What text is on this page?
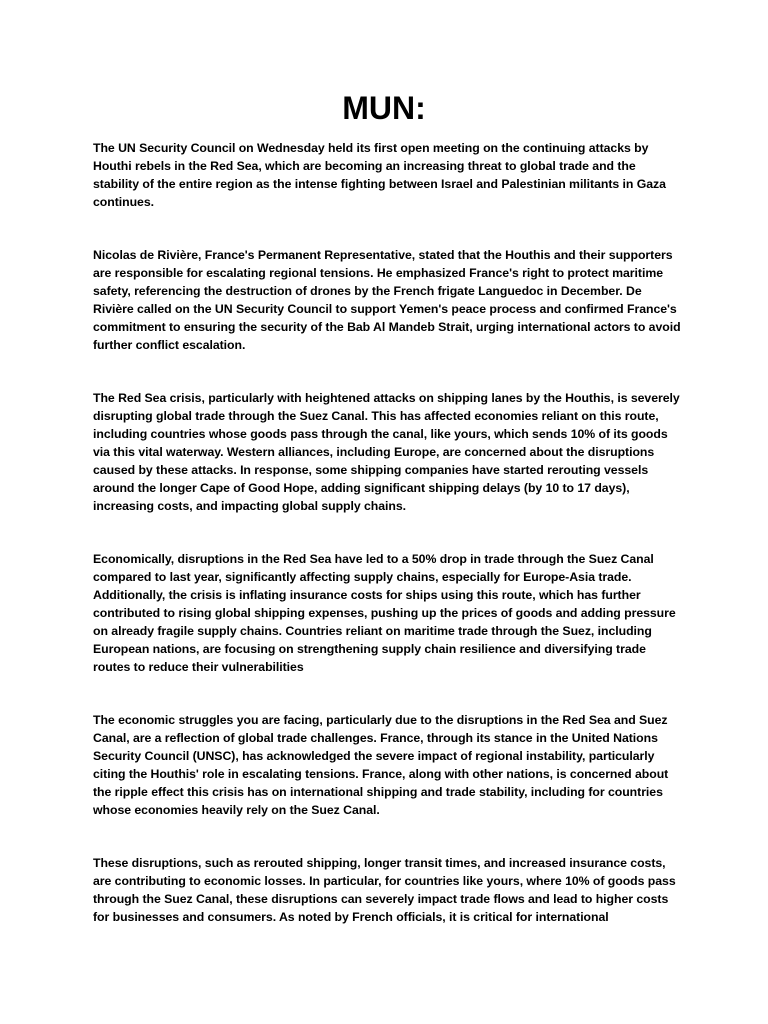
MUN:

The UN Security Council on Wednesday held its first open meeting on the continuing attacks by Houthi rebels in the Red Sea, which are becoming an increasing threat to global trade and the stability of the entire region as the intense fighting between Israel and Palestinian militants in Gaza continues.

Nicolas de Rivière, France's Permanent Representative, stated that the Houthis and their supporters are responsible for escalating regional tensions. He emphasized France's right to protect maritime safety, referencing the destruction of drones by the French frigate Languedoc in December. De Rivière called on the UN Security Council to support Yemen's peace process and confirmed France's commitment to ensuring the security of the Bab Al Mandeb Strait, urging international actors to avoid further conflict escalation.

The Red Sea crisis, particularly with heightened attacks on shipping lanes by the Houthis, is severely disrupting global trade through the Suez Canal. This has affected economies reliant on this route, including countries whose goods pass through the canal, like yours, which sends 10% of its goods via this vital waterway. Western alliances, including Europe, are concerned about the disruptions caused by these attacks. In response, some shipping companies have started rerouting vessels around the longer Cape of Good Hope, adding significant shipping delays (by 10 to 17 days), increasing costs, and impacting global supply chains.

Economically, disruptions in the Red Sea have led to a 50% drop in trade through the Suez Canal compared to last year, significantly affecting supply chains, especially for Europe-Asia trade. Additionally, the crisis is inflating insurance costs for ships using this route, which has further contributed to rising global shipping expenses, pushing up the prices of goods and adding pressure on already fragile supply chains. Countries reliant on maritime trade through the Suez, including European nations, are focusing on strengthening supply chain resilience and diversifying trade routes to reduce their vulnerabilities

The economic struggles you are facing, particularly due to the disruptions in the Red Sea and Suez Canal, are a reflection of global trade challenges. France, through its stance in the United Nations Security Council (UNSC), has acknowledged the severe impact of regional instability, particularly citing the Houthis' role in escalating tensions. France, along with other nations, is concerned about the ripple effect this crisis has on international shipping and trade stability, including for countries whose economies heavily rely on the Suez Canal.

These disruptions, such as rerouted shipping, longer transit times, and increased insurance costs, are contributing to economic losses. In particular, for countries like yours, where 10% of goods pass through the Suez Canal, these disruptions can severely impact trade flows and lead to higher costs for businesses and consumers. As noted by French officials, it is critical for international
